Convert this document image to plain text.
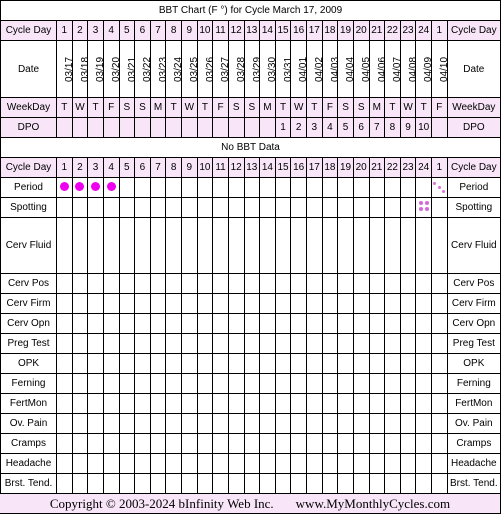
BBT Chart (F °) for Cycle March 17, 2009																										
Cycle Day	1	2	3	4	5	6	7	8	9	10	11	12	13	14	15	16	17	18	19	20	21	22	23	24	1	Cycle Day
Date	03/17	03/18	03/19	03/20	03/21	03/22	03/23	03/24	03/25	03/26	03/27	03/28	03/29	03/30	03/31	04/01	04/02	04/03	04/04	04/05	04/06	04/07	04/08	04/09	04/10	Date
WeekDay	T	W	T	F	S	S	M	T	W	T	F	S	S	M	T	W	T	F	S	S	M	T	W	T	F	WeekDay
DPO															1	2	3	4	5	6	7	8	9	10		DPO
No BBT Data																										
Cycle Day	1	2	3	4	5	6	7	8	9	10	11	12	13	14	15	16	17	18	19	20	21	22	23	24	1	Cycle Day
Period																										Period
Spotting																										Spotting
Cerv Fluid																										Cerv Fluid
Cerv Pos																										Cerv Pos
Cerv Firm																										Cerv Firm
Cerv Opn																										Cerv Opn
Preg Test																										Preg Test
OPK																										OPK
Ferning																										Ferning
FertMon																										FertMon
Ov. Pain																										Ov. Pain
Cramps																										Cramps
Headache																										Headache
Brst. Tend.																										Brst. Tend.

Copyright © 2003-2024 bInfinity Web Inc. www.MyMonthlyCycles.com
